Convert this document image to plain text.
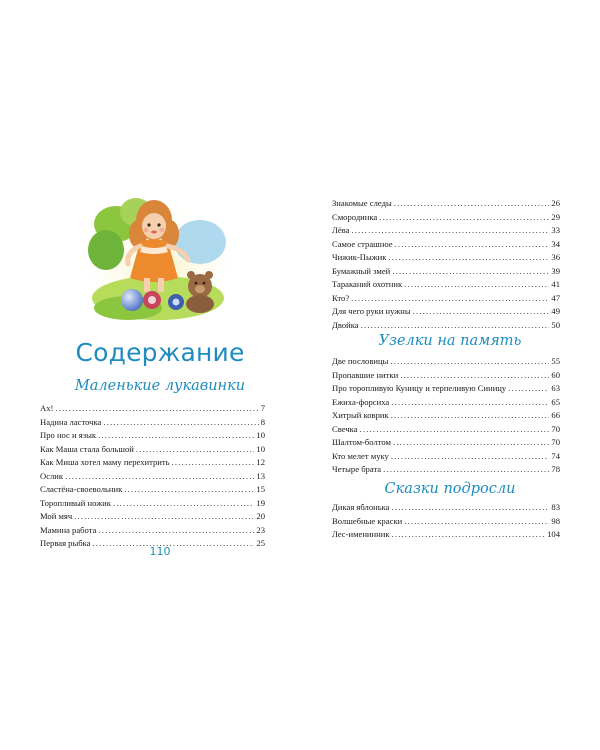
Содержание
Маленькие лукавинки
Ах! .....	7
Надина ласточка .....	8
Про нос и язык .....	10
Как Маша стала большой .....	10
Как Миша хотел маму перехитрить .....	12
Ослик .....	13
Сластёна-своевольник .....	15
Торопливый ножик .....	19
Мой мяч .....	20
Мамина работа .....	23
Первая рыбка .....	25
110
Знакомые следы .....	26
Смородинка .....	29
Лёва .....	33
Самое страшное .....	34
Чижик-Пыжик .....	36
Бумажный змей .....	39
Тараканий охотник .....	41
Кто? .....	47
Для чего руки нужны .....	49
Двойка .....	50
Узелки на память
Две пословицы .....	55
Пропавшие нитки .....	60
Про торопливую Куницу и терпеливую Синицу .....	63
Ежиха-форсиха .....	65
Хитрый коврик .....	66
Свечка .....	70
Шалтом-болтом .....	70
Кто мелет муку .....	74
Четыре брата .....	78
Сказки подросли
Дикая яблонька .....	83
Волшебные краски .....	98
Лес-именинник .....	104
